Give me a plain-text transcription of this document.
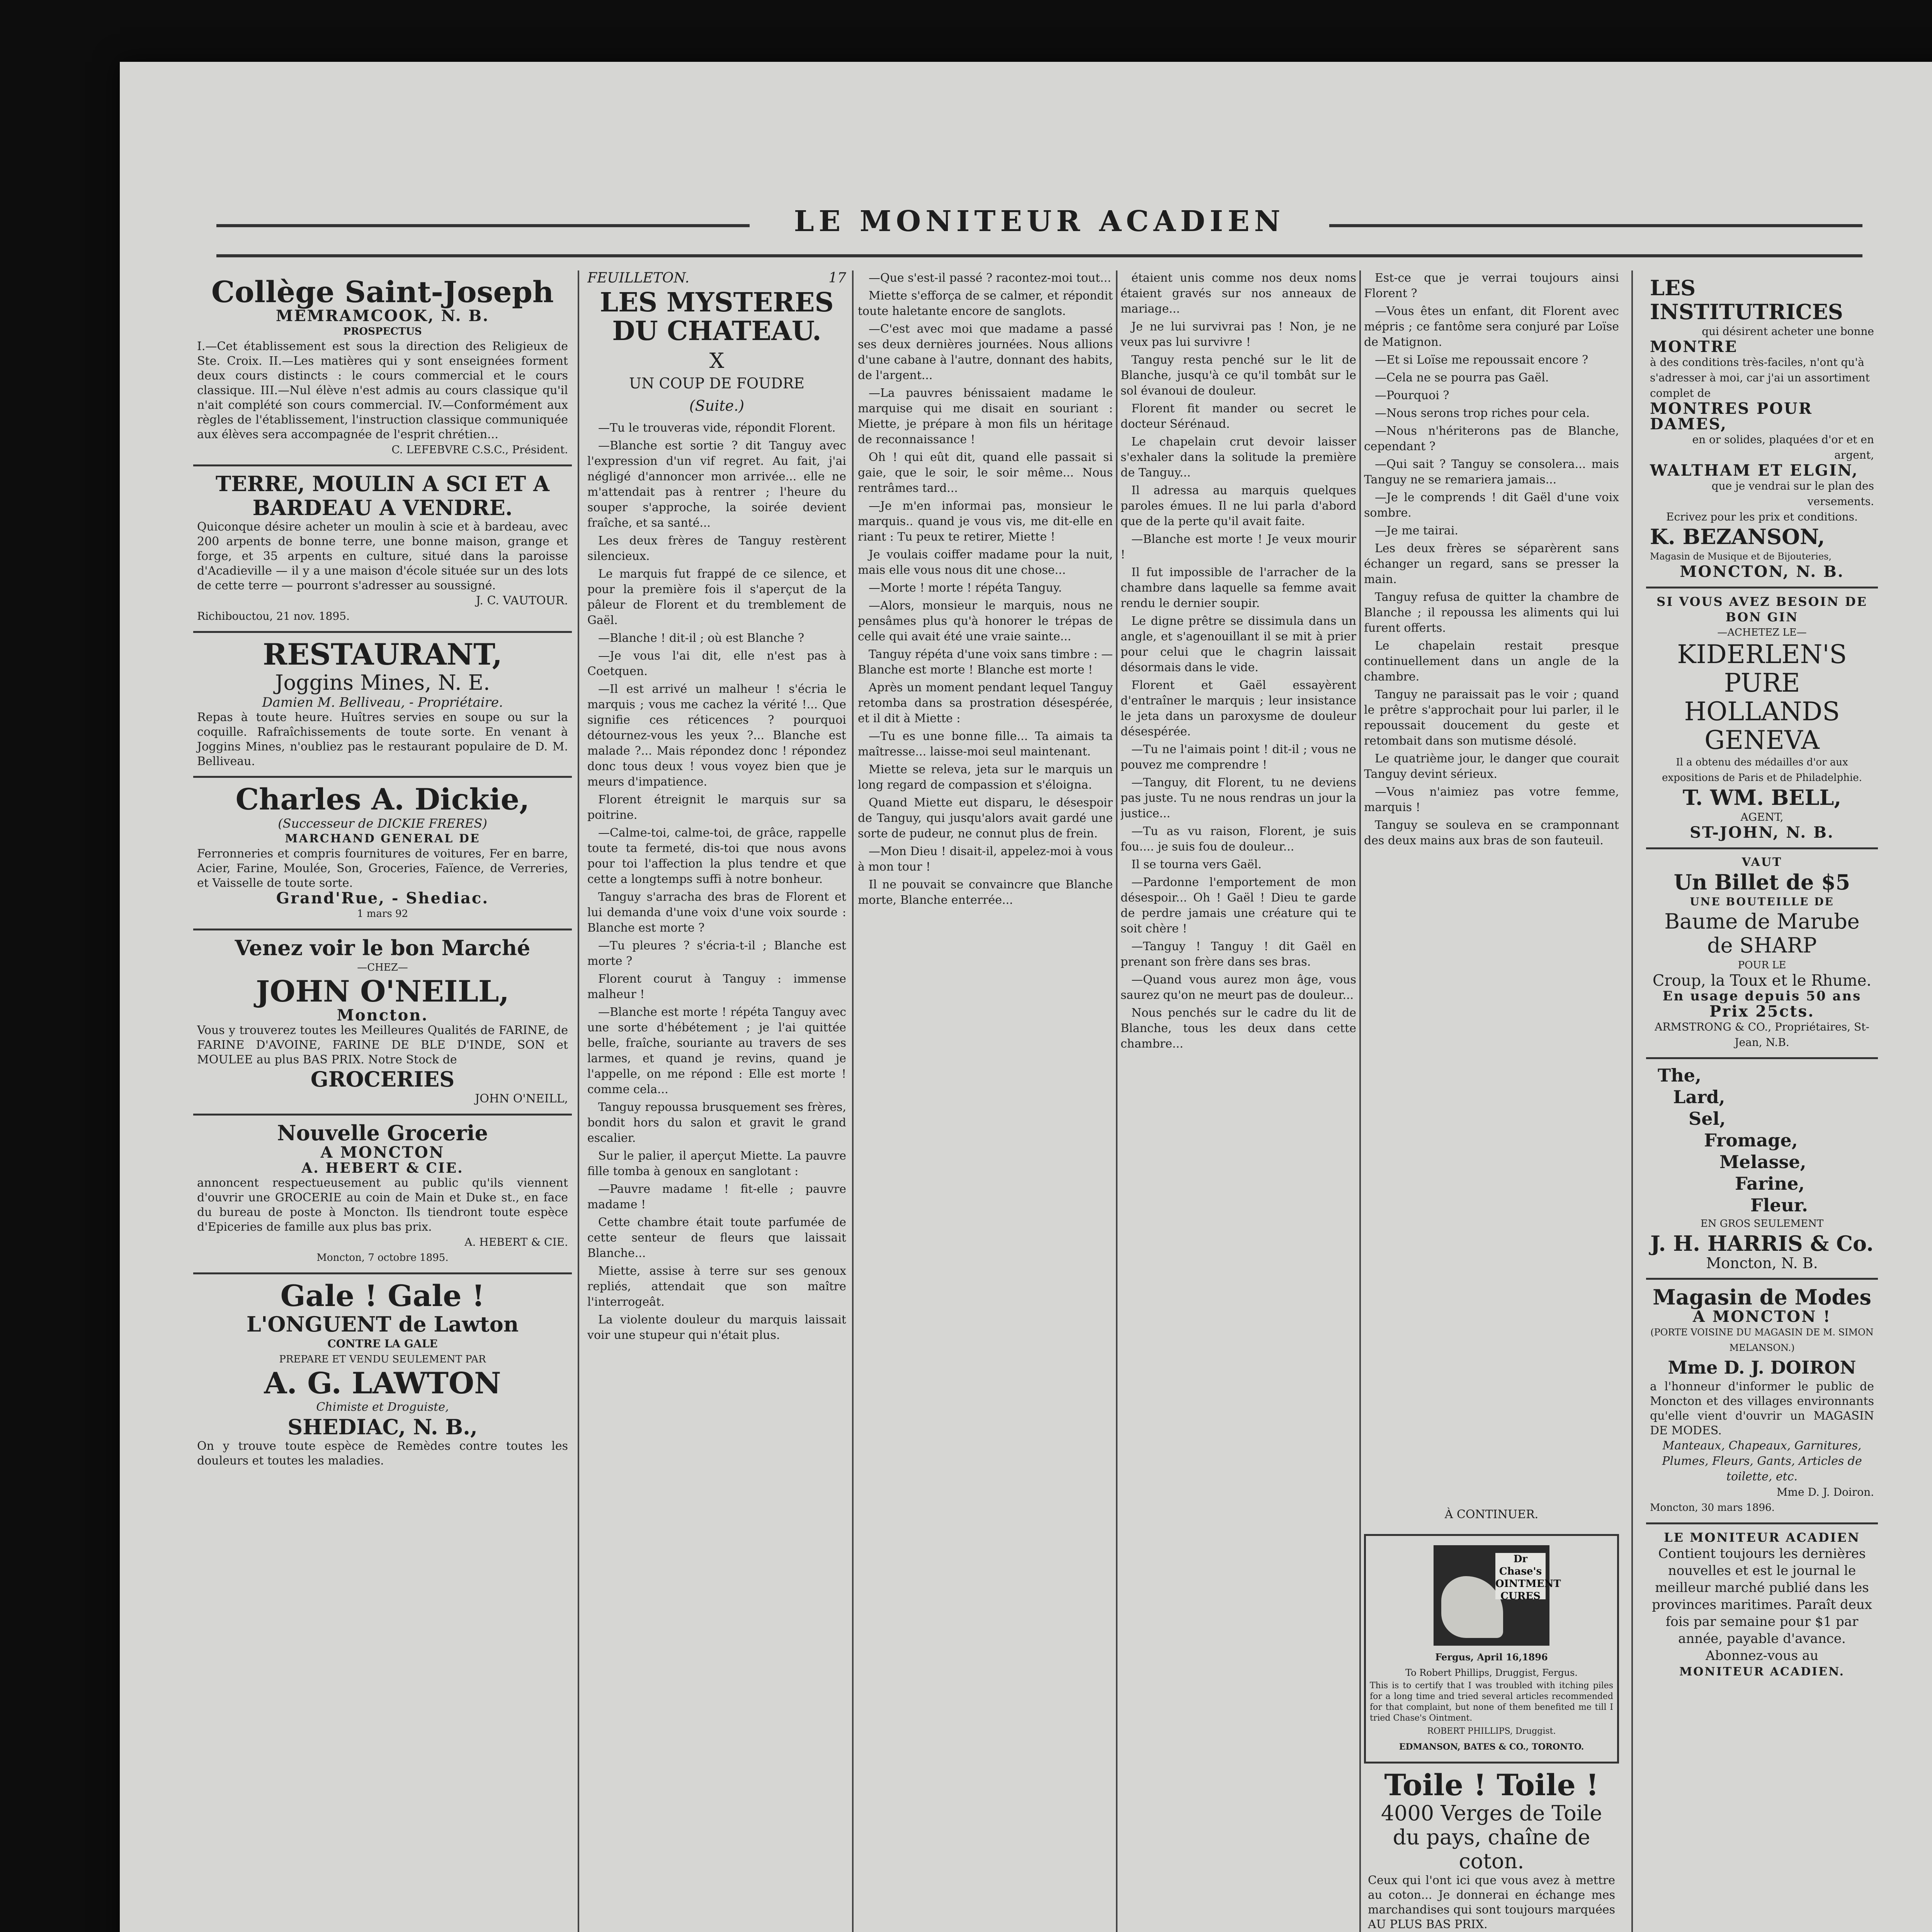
LE MONITEUR ACADIEN
Collège Saint-Joseph
MEMRAMCOOK, N. B.
PROSPECTUS
I.—Cet établissement est sous la direction des Religieux de Ste. Croix. II.—Les matières qui y sont enseignées forment deux cours distincts : le cours commercial et le cours classique. III.—Nul élève n'est admis au cours classique qu'il n'ait complété son cours commercial. IV.—Conformément aux règles de l'établissement, l'instruction classique communiquée aux élèves sera accompagnée de l'esprit chrétien...
C. LEFEBVRE C.S.C., Président.
TERRE, MOULIN A SCI ET A BARDEAU A VENDRE.
Quiconque désire acheter un moulin à scie et à bardeau, avec 200 arpents de bonne terre, une bonne maison, grange et forge, et 35 arpents en culture, situé dans la paroisse d'Acadieville — il y a une maison d'école située sur un des lots de cette terre — pourront s'adresser au soussigné.
J. C. VAUTOUR.
Richibouctou, 21 nov. 1895.
RESTAURANT,
Joggins Mines, N. E.
Damien M. Belliveau, - Propriétaire.
Repas à toute heure. Huîtres servies en soupe ou sur la coquille. Rafraîchissements de toute sorte. En venant à Joggins Mines, n'oubliez pas le restaurant populaire de D. M. Belliveau.
Charles A. Dickie,
(Successeur de DICKIE FRERES)
MARCHAND GENERAL DE
Ferronneries et compris fournitures de voitures, Fer en barre, Acier, Farine, Moulée, Son, Groceries, Faïence, de Verreries, et Vaisselle de toute sorte.
Grand'Rue, - Shediac.
1 mars 92
Venez voir le bon Marché
—CHEZ—
JOHN O'NEILL,
Moncton.
Vous y trouverez toutes les Meilleures Qualités de FARINE, de FARINE D'AVOINE, FARINE DE BLE D'INDE, SON et MOULEE au plus BAS PRIX. Notre Stock de
GROCERIES
JOHN O'NEILL,
Nouvelle Grocerie
A MONCTON
A. HEBERT & CIE.
annoncent respectueusement au public qu'ils viennent d'ouvrir une GROCERIE au coin de Main et Duke st., en face du bureau de poste à Moncton. Ils tiendront toute espèce d'Epiceries de famille aux plus bas prix.
A. HEBERT & CIE.
Moncton, 7 octobre 1895.
Gale ! Gale !
L'ONGUENT de Lawton
CONTRE LA GALE
PREPARE ET VENDU SEULEMENT PAR
A. G. LAWTON
Chimiste et Droguiste,
SHEDIAC, N. B.,
On y trouve toute espèce de Remèdes contre toutes les douleurs et toutes les maladies.
FEUILLETON.	17
LES MYSTERES DU CHATEAU.
X
UN COUP DE FOUDRE
(Suite.)

—Tu le trouveras vide, répondit Florent.

—Blanche est sortie ? dit Tanguy avec l'expression d'un vif regret. Au fait, j'ai négligé d'annoncer mon arrivée... elle ne m'attendait pas à rentrer ; l'heure du souper s'approche, la soirée devient fraîche, et sa santé...

Les deux frères de Tanguy restèrent silencieux.

Le marquis fut frappé de ce silence, et pour la première fois il s'aperçut de la pâleur de Florent et du tremblement de Gaël.

—Blanche ! dit-il ; où est Blanche ?

—Je vous l'ai dit, elle n'est pas à Coetquen.

—Il est arrivé un malheur ! s'écria le marquis ; vous me cachez la vérité !... Que signifie ces réticences ? pourquoi détournez-vous les yeux ?... Blanche est malade ?... Mais répondez donc ! répondez donc tous deux ! vous voyez bien que je meurs d'impatience.

Florent étreignit le marquis sur sa poitrine.

—Calme-toi, calme-toi, de grâce, rappelle toute ta fermeté, dis-toi que nous avons pour toi l'affection la plus tendre et que cette a longtemps suffi à notre bonheur.

Tanguy s'arracha des bras de Florent et lui demanda d'une voix d'une voix sourde : Blanche est morte ?

—Tu pleures ? s'écria-t-il ; Blanche est morte ?

Florent courut à Tanguy : immense malheur !

—Blanche est morte ! répéta Tanguy avec une sorte d'hébétement ; je l'ai quittée belle, fraîche, souriante au travers de ses larmes, et quand je revins, quand je l'appelle, on me répond : Elle est morte ! comme cela...

Tanguy repoussa brusquement ses frères, bondit hors du salon et gravit le grand escalier.

Sur le palier, il aperçut Miette. La pauvre fille tomba à genoux en sanglotant :

—Pauvre madame ! fit-elle ; pauvre madame !

Cette chambre était toute parfumée de cette senteur de fleurs que laissait Blanche...

Miette, assise à terre sur ses genoux repliés, attendait que son maître l'interrogeât.

La violente douleur du marquis laissait voir une stupeur qui n'était plus.

—Que s'est-il passé ? racontez-moi tout...

Miette s'efforça de se calmer, et répondit toute haletante encore de sanglots.

—C'est avec moi que madame a passé ses deux dernières journées. Nous allions d'une cabane à l'autre, donnant des habits, de l'argent...

—La pauvres bénissaient madame le marquise qui me disait en souriant : Miette, je prépare à mon fils un héritage de reconnaissance !

Oh ! qui eût dit, quand elle passait si gaie, que le soir, le soir même... Nous rentrâmes tard...

—Je m'en informai pas, monsieur le marquis.. quand je vous vis, me dit-elle en riant : Tu peux te retirer, Miette !

Je voulais coiffer madame pour la nuit, mais elle vous nous dit une chose...

—Morte ! morte ! répéta Tanguy.

—Alors, monsieur le marquis, nous ne pensâmes plus qu'à honorer le trépas de celle qui avait été une vraie sainte...

Tanguy répéta d'une voix sans timbre : —Blanche est morte ! Blanche est morte !

Après un moment pendant lequel Tanguy retomba dans sa prostration désespérée, et il dit à Miette :

—Tu es une bonne fille... Ta aimais ta maîtresse... laisse-moi seul maintenant.

Miette se releva, jeta sur le marquis un long regard de compassion et s'éloigna.

Quand Miette eut disparu, le désespoir de Tanguy, qui jusqu'alors avait gardé une sorte de pudeur, ne connut plus de frein.

—Mon Dieu ! disait-il, appelez-moi à vous à mon tour !

Il ne pouvait se convaincre que Blanche morte, Blanche enterrée...

étaient unis comme nos deux noms étaient gravés sur nos anneaux de mariage...

Je ne lui survivrai pas ! Non, je ne veux pas lui survivre !

Tanguy resta penché sur le lit de Blanche, jusqu'à ce qu'il tombât sur le sol évanoui de douleur.

Florent fit mander ou secret le docteur Sérénaud.

Le chapelain crut devoir laisser s'exhaler dans la solitude la première de Tanguy...

Il adressa au marquis quelques paroles émues. Il ne lui parla d'abord que de la perte qu'il avait faite.

—Blanche est morte ! Je veux mourir !

Il fut impossible de l'arracher de la chambre dans laquelle sa femme avait rendu le dernier soupir.

Le digne prêtre se dissimula dans un angle, et s'agenouillant il se mit à prier pour celui que le chagrin laissait désormais dans le vide.

Florent et Gaël essayèrent d'entraîner le marquis ; leur insistance le jeta dans un paroxysme de douleur désespérée.

—Tu ne l'aimais point ! dit-il ; vous ne pouvez me comprendre !

—Tanguy, dit Florent, tu ne deviens pas juste. Tu ne nous rendras un jour la justice...

—Tu as vu raison, Florent, je suis fou.... je suis fou de douleur...

Il se tourna vers Gaël.

—Pardonne l'emportement de mon désespoir... Oh ! Gaël ! Dieu te garde de perdre jamais une créature qui te soit chère !

—Tanguy ! Tanguy ! dit Gaël en prenant son frère dans ses bras.

—Quand vous aurez mon âge, vous saurez qu'on ne meurt pas de douleur...

Nous penchés sur le cadre du lit de Blanche, tous les deux dans cette chambre...

Est-ce que je verrai toujours ainsi Florent ?

—Vous êtes un enfant, dit Florent avec mépris ; ce fantôme sera conjuré par Loïse de Matignon.

—Et si Loïse me repoussait encore ?

—Cela ne se pourra pas Gaël.

—Pourquoi ?

—Nous serons trop riches pour cela.

—Nous n'hériterons pas de Blanche, cependant ?

—Qui sait ? Tanguy se consolera... mais Tanguy ne se remariera jamais...

—Je le comprends ! dit Gaël d'une voix sombre.

—Je me tairai.

Les deux frères se séparèrent sans échanger un regard, sans se presser la main.

Tanguy refusa de quitter la chambre de Blanche ; il repoussa les aliments qui lui furent offerts.

Le chapelain restait presque continuellement dans un angle de la chambre.

Tanguy ne paraissait pas le voir ; quand le prêtre s'approchait pour lui parler, il le repoussait doucement du geste et retombait dans son mutisme désolé.

Le quatrième jour, le danger que courait Tanguy devint sérieux.

—Vous n'aimiez pas votre femme, marquis !

Tanguy se souleva en se cramponnant des deux mains aux bras de son fauteuil.

À CONTINUER.
Dr Chase's OINTMENT CURES
Fergus, April 16,1896
To Robert Phillips, Druggist, Fergus.
This is to certify that I was troubled with itching piles for a long time and tried several articles recommended for that complaint, but none of them benefited me till I tried Chase's Ointment.
ROBERT PHILLIPS, Druggist.
EDMANSON, BATES & CO., TORONTO.
Toile ! Toile !
4000 Verges de Toile du pays, chaîne de coton.
Ceux qui l'ont ici que vous avez à mettre au coton... Je donnerai en échange mes marchandises qui sont toujours marquées AU PLUS BAS PRIX.
LES INSTITUTRICES
qui désirent acheter une bonne
MONTRE
à des conditions très-faciles, n'ont qu'à s'adresser à moi, car j'ai un assortiment complet de
MONTRES POUR DAMES,
en or solides, plaquées d'or et en argent,
WALTHAM ET ELGIN,
que je vendrai sur le plan des versements.
Ecrivez pour les prix et conditions.
K. BEZANSON,
Magasin de Musique et de Bijouteries,
MONCTON, N. B.
SI VOUS AVEZ BESOIN DE BON GIN
—ACHETEZ LE—
KIDERLEN'S PURE HOLLANDS GENEVA
Il a obtenu des médailles d'or aux expositions de Paris et de Philadelphie.
T. WM. BELL,
AGENT,
ST-JOHN, N. B.
VAUT
Un Billet de $5
UNE BOUTEILLE DE
Baume de Marube de SHARP
POUR LE
Croup, la Toux et le Rhume.
En usage depuis 50 ans
Prix 25cts.
ARMSTRONG & CO., Propriétaires, St-Jean, N.B.
The,
Lard,
Sel,
Fromage,
Melasse,
Farine,
Fleur.
EN GROS SEULEMENT
J. H. HARRIS & Co.
Moncton, N. B.
Magasin de Modes
A MONCTON !
(PORTE VOISINE DU MAGASIN DE M. SIMON MELANSON.)
Mme D. J. DOIRON
a l'honneur d'informer le public de Moncton et des villages environnants qu'elle vient d'ouvrir un MAGASIN DE MODES.
Manteaux, Chapeaux, Garnitures, Plumes, Fleurs, Gants, Articles de toilette, etc.
Mme D. J. Doiron.
Moncton, 30 mars 1896.
LE MONITEUR ACADIEN
Contient toujours les dernières nouvelles et est le journal le meilleur marché publié dans les provinces maritimes. Paraît deux fois par semaine pour $1 par année, payable d'avance. Abonnez-vous au
MONITEUR ACADIEN.
